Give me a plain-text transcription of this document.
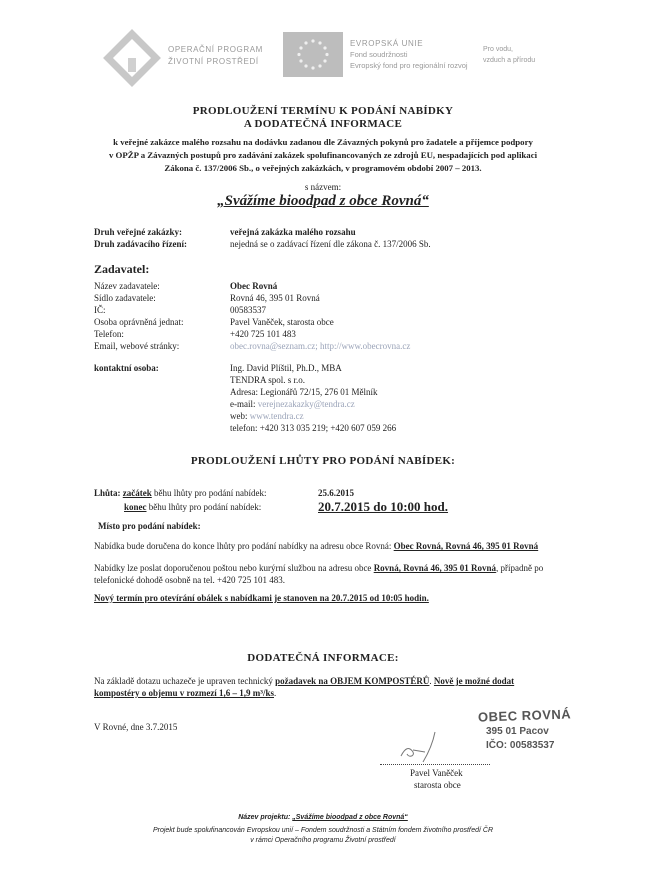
OPERAČNÍ PROGRAM
ŽIVOTNÍ PROSTŘEDÍ
EVROPSKÁ UNIE
Fond soudržnosti
Evropský fond pro regionální rozvoj
Pro vodu,
vzduch a přírodu
PRODLOUŽENÍ TERMÍNU K PODÁNÍ NABÍDKY
A DODATEČNÁ INFORMACE
k veřejné zakázce malého rozsahu na dodávku zadanou dle Závazných pokynů pro žadatele a příjemce podpory
v OPŽP a Závazných postupů pro zadávání zakázek spolufinancovaných ze zdrojů EU, nespadajících pod aplikaci
Zákona č. 137/2006 Sb., o veřejných zakázkách, v programovém období 2007 – 2013.
s názvem:
„Svážíme bioodpad z obce Rovná“
Druh veřejné zakázky:	veřejná zakázka malého rozsahu
Druh zadávacího řízení:	nejedná se o zadávací řízení dle zákona č. 137/2006 Sb.
Zadavatel:
Název zadavatele:	Obec Rovná
Sídlo zadavatele:	Rovná 46, 395 01 Rovná
IČ:	00583537
Osoba oprávněná jednat:	Pavel Vaněček, starosta obce
Telefon:	+420 725 101 483
Email, webové stránky:	obec.rovna@seznam.cz; http://www.obecrovna.cz
kontaktní osoba:	Ing. David Plíštil, Ph.D., MBA
TENDRA spol. s r.o.
Adresa: Legionářů 72/15, 276 01 Mělník
e-mail: verejnezakazky@tendra.cz
web: www.tendra.cz
telefon: +420 313 035 219; +420 607 059 266
PRODLOUŽENÍ LHŮTY PRO PODÁNÍ NABÍDEK:
Lhůta: začátek běhu lhůty pro podání nabídek:	25.6.2015
konec běhu lhůty pro podání nabídek:	20.7.2015 do 10:00 hod.
Místo pro podání nabídek:
Nabídka bude doručena do konce lhůty pro podání nabídky na adresu obce Rovná: Obec Rovná, Rovná 46, 395 01 Rovná
Nabídky lze poslat doporučenou poštou nebo kurýrní službou na adresu obce Rovná, Rovná 46, 395 01 Rovná, případně po
telefonické dohodě osobně na tel. +420 725 101 483.
Nový termín pro otevírání obálek s nabídkami je stanoven na 20.7.2015 od 10:05 hodin.
DODATEČNÁ INFORMACE:
Na základě dotazu uchazeče je upraven technický požadavek na OBJEM KOMPOSTÉRŮ. Nově je možné dodat
kompostéry o objemu v rozmezí 1,6 – 1,9 m³/ks.
V Rovné, dne 3.7.2015
OBEC ROVNÁ
395 01 Pacov
IČO: 00583537
Pavel Vaněček
starosta obce
Název projektu: „Svážíme bioodpad z obce Rovná“
Projekt bude spolufinancován Evropskou unií – Fondem soudržnosti a Státním fondem životního prostředí ČR
v rámci Operačního programu Životní prostředí
